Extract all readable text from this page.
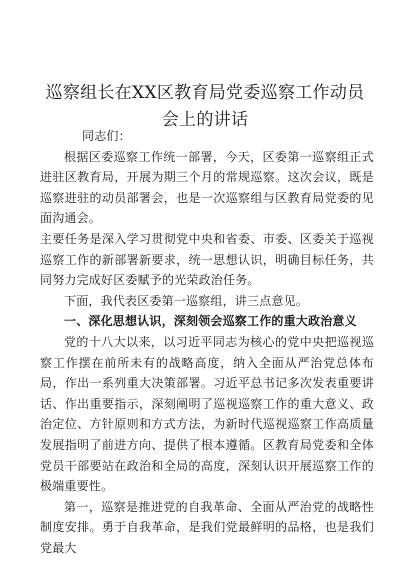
巡察组长在XX区教育局党委巡察工作动员会上的讲话

同志们：

根据区委巡察工作统一部署，今天，区委第一巡察组正式进驻区教育局，开展为期三个月的常规巡察。这次会议，既是巡察进驻的动员部署会，也是一次巡察组与区教育局党委的见面沟通会。

主要任务是深入学习贯彻党中央和省委、市委、区委关于巡视巡察工作的新部署新要求，统一思想认识，明确目标任务，共同努力完成好区委赋予的光荣政治任务。

下面，我代表区委第一巡察组，讲三点意见。

一、深化思想认识，深刻领会巡察工作的重大政治意义

党的十八大以来，以习近平同志为核心的党中央把巡视巡察工作摆在前所未有的战略高度，纳入全面从严治党总体布局，作出一系列重大决策部署。习近平总书记多次发表重要讲话、作出重要指示，深刻阐明了巡视巡察工作的重大意义、政治定位、方针原则和方式方法，为新时代巡视巡察工作高质量发展指明了前进方向、提供了根本遵循。区教育局党委和全体党员干部要站在政治和全局的高度，深刻认识开展巡察工作的极端重要性。

第一，巡察是推进党的自我革命、全面从严治党的战略性制度安排。勇于自我革命，是我们党最鲜明的品格，也是我们党最大
